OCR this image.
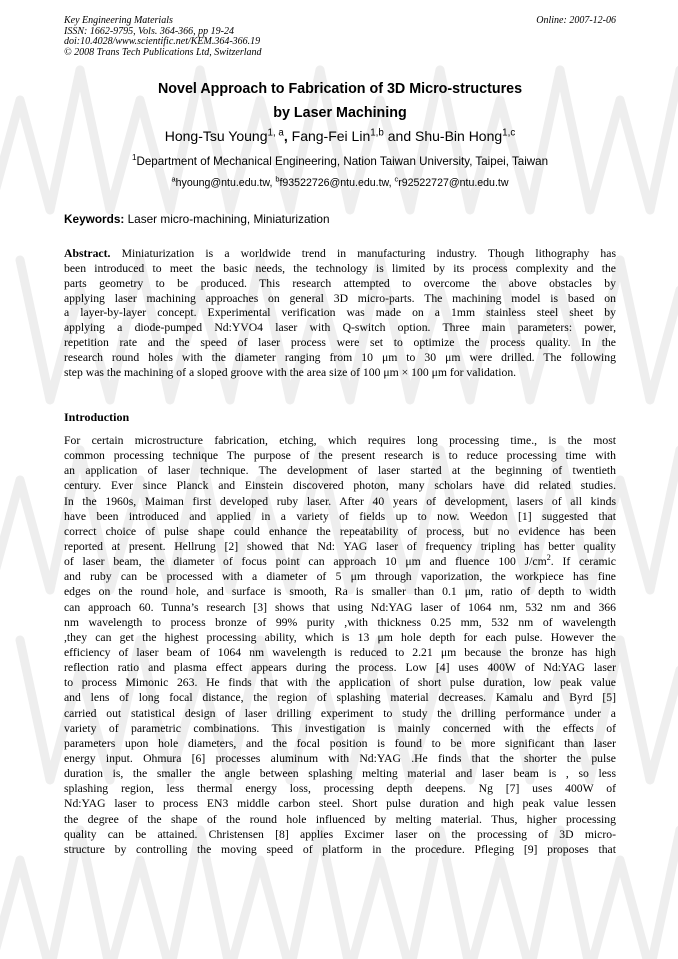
Key Engineering Materials
ISSN: 1662-9795, Vols. 364-366, pp 19-24
doi:10.4028/www.scientific.net/KEM.364-366.19
© 2008 Trans Tech Publications Ltd, Switzerland
Online: 2007-12-06
Novel Approach to Fabrication of 3D Micro-structures
by Laser Machining
Hong-Tsu Young$^{1, a}$, Fang-Fei Lin$^{1,b}$ and Shu-Bin Hong$^{1,c}$
$^1$Department of Mechanical Engineering, Nation Taiwan University, Taipei, Taiwan
$^a$hyoung@ntu.edu.tw, $^b$f93522726@ntu.edu.tw, $^c$r92522727@ntu.edu.tw
Keywords: Laser micro-machining, Miniaturization
Abstract. Miniaturization is a worldwide trend in manufacturing industry. Though lithography has
been introduced to meet the basic needs, the technology is limited by its process complexity and the
parts geometry to be produced. This research attempted to overcome the above obstacles by
applying laser machining approaches on general 3D micro-parts. The machining model is based on
a layer-by-layer concept. Experimental verification was made on a 1mm stainless steel sheet by
applying a diode-pumped Nd:YVO4 laser with Q-switch option. Three main parameters: power,
repetition rate and the speed of laser process were set to optimize the process quality. In the
research round holes with the diameter ranging from 10 μm to 30 μm were drilled. The following
step was the machining of a sloped groove with the area size of 100 μm × 100 μm for validation.
Introduction
For certain microstructure fabrication, etching, which requires long processing time., is the most
common processing technique The purpose of the present research is to reduce processing time with
an application of laser technique. The development of laser started at the beginning of twentieth
century. Ever since Planck and Einstein discovered photon, many scholars have did related studies.
In the 1960s, Maiman first developed ruby laser. After 40 years of development, lasers of all kinds
have been introduced and applied in a variety of fields up to now. Weedon [1] suggested that
correct choice of pulse shape could enhance the repeatability of process, but no evidence has been
reported at present. Hellrung [2] showed that Nd: YAG laser of frequency tripling has better quality
of laser beam, the diameter of focus point can approach 10 μm and fluence 100 $J/cm^2$. If ceramic
and ruby can be processed with a diameter of 5 μm through vaporization, the workpiece has fine
edges on the round hole, and surface is smooth, Ra is smaller than 0.1 μm, ratio of depth to width
can approach 60. Tunna’s research [3] shows that using Nd:YAG laser of 1064 nm, 532 nm and 366
nm wavelength to process bronze of 99% purity ,with thickness 0.25 mm, 532 nm of wavelength
,they can get the highest processing ability, which is 13 μm hole depth for each pulse. However the
efficiency of laser beam of 1064 nm wavelength is reduced to 2.21 μm because the bronze has high
reflection ratio and plasma effect appears during the process. Low [4] uses 400W of Nd:YAG laser
to process Mimonic 263. He finds that with the application of short pulse duration, low peak value
and lens of long focal distance, the region of splashing material decreases. Kamalu and Byrd [5]
carried out statistical design of laser drilling experiment to study the drilling performance under a
variety of parametric combinations. This investigation is mainly concerned with the effects of
parameters upon hole diameters, and the focal position is found to be more significant than laser
energy input. Ohmura [6] processes aluminum with Nd:YAG .He finds that the shorter the pulse
duration is, the smaller the angle between splashing melting material and laser beam is , so less
splashing region, less thermal energy loss, processing depth deepens. Ng [7] uses 400W of
Nd:YAG laser to process EN3 middle carbon steel. Short pulse duration and high peak value lessen
the degree of the shape of the round hole influenced by melting material. Thus, higher processing
quality can be attained. Christensen [8] applies Excimer laser on the processing of 3D micro-
structure by controlling the moving speed of platform in the procedure. Pfleging [9] proposes that
